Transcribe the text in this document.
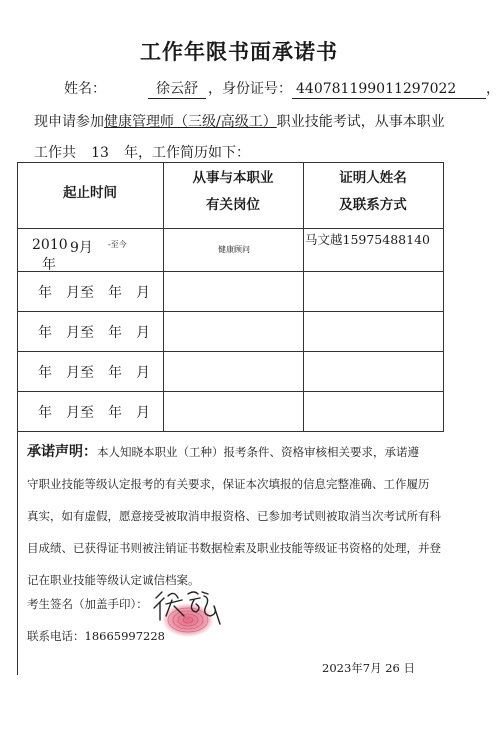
工作年限书面承诺书
姓名：	徐云舒 ，身份证号： 440781199011297022 ，
现申请参加健康管理师（三级/高级工）职业技能考试，从事本职业
工作共 13 年，工作简历如下：
起止时间
从事与本职业
有关岗位
证明人姓名
及联系方式
2010 9月 -至今
年
健康顾问
马文越15975488140
年　月至　年　月
年　月至　年　月
年　月至　年　月
年　月至　年　月
承诺声明：本人知晓本职业（工种）报考条件、资格审核相关要求，承诺遵
守职业技能等级认定报考的有关要求，保证本次填报的信息完整准确、工作履历
真实，如有虚假，愿意接受被取消申报资格、已参加考试则被取消当次考试所有科
目成绩、已获得证书则被注销证书数据检索及职业技能等级证书资格的处理，并登
记在职业技能等级认定诚信档案。
考生签名（加盖手印）：
联系电话：18665997228
2023年7月 26 日
